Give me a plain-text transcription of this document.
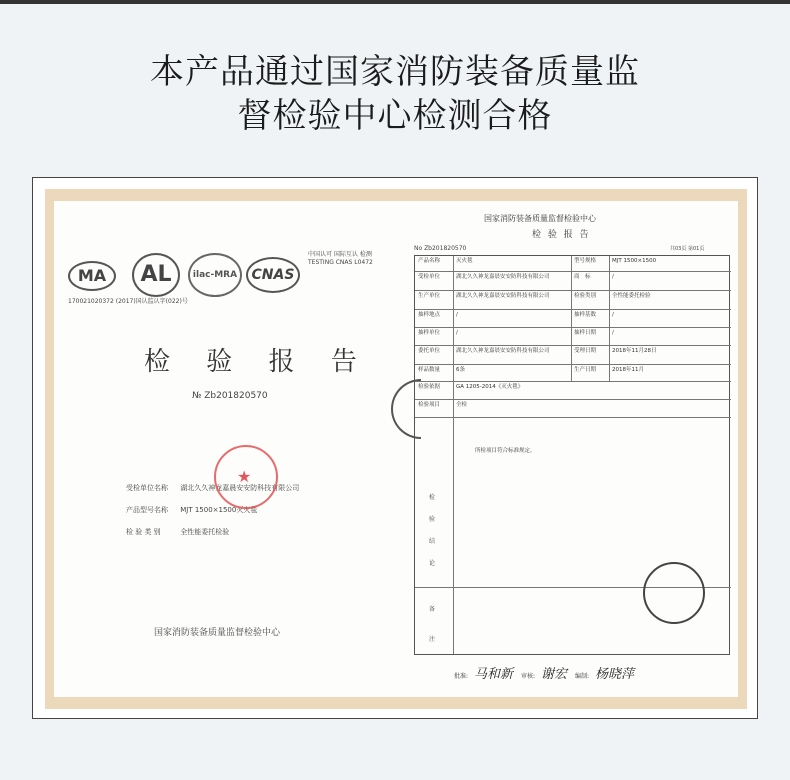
本产品通过国家消防装备质量监
督检验中心检测合格
MA
170021020372 (2017)国认监认字(022)号
AL	ilac-MRA	CNAS
中国认可 国际互认 检测 TESTING CNAS L0472
检 验 报 告
№ Zb201820570
受检单位名称 湖北久久神龙嘉晨安安防科技有限公司
产品型号名称 MJT 1500×1500灭火毯
检 验 类 别	全性能委托检验
★
国家消防装备质量监督检验中心
国家消防装备质量监督检验中心
检 验 报 告
No Zb201820570	共03页 第01页
产品名称	灭火毯	型号规格	MJT 1500×1500
受检单位	湖北久久神龙嘉晨安安防科技有限公司	商　标	/
生产单位	湖北久久神龙嘉晨安安防科技有限公司	检验类别	全性能委托检验
抽样地点	/	抽样基数	/
抽样单位	/	抽样日期	/
委托单位	湖北久久神龙嘉晨安安防科技有限公司	受理日期	2018年11月28日
样品数量	6条	生产日期	2018年11月
检验依据	GA 1205-2014《灭火毯》
检验项目	全检
检
验
结
论
所检项目符合标准规定。
备
注
批准: 马和新 审核: 谢宏 编制: 杨晓萍
